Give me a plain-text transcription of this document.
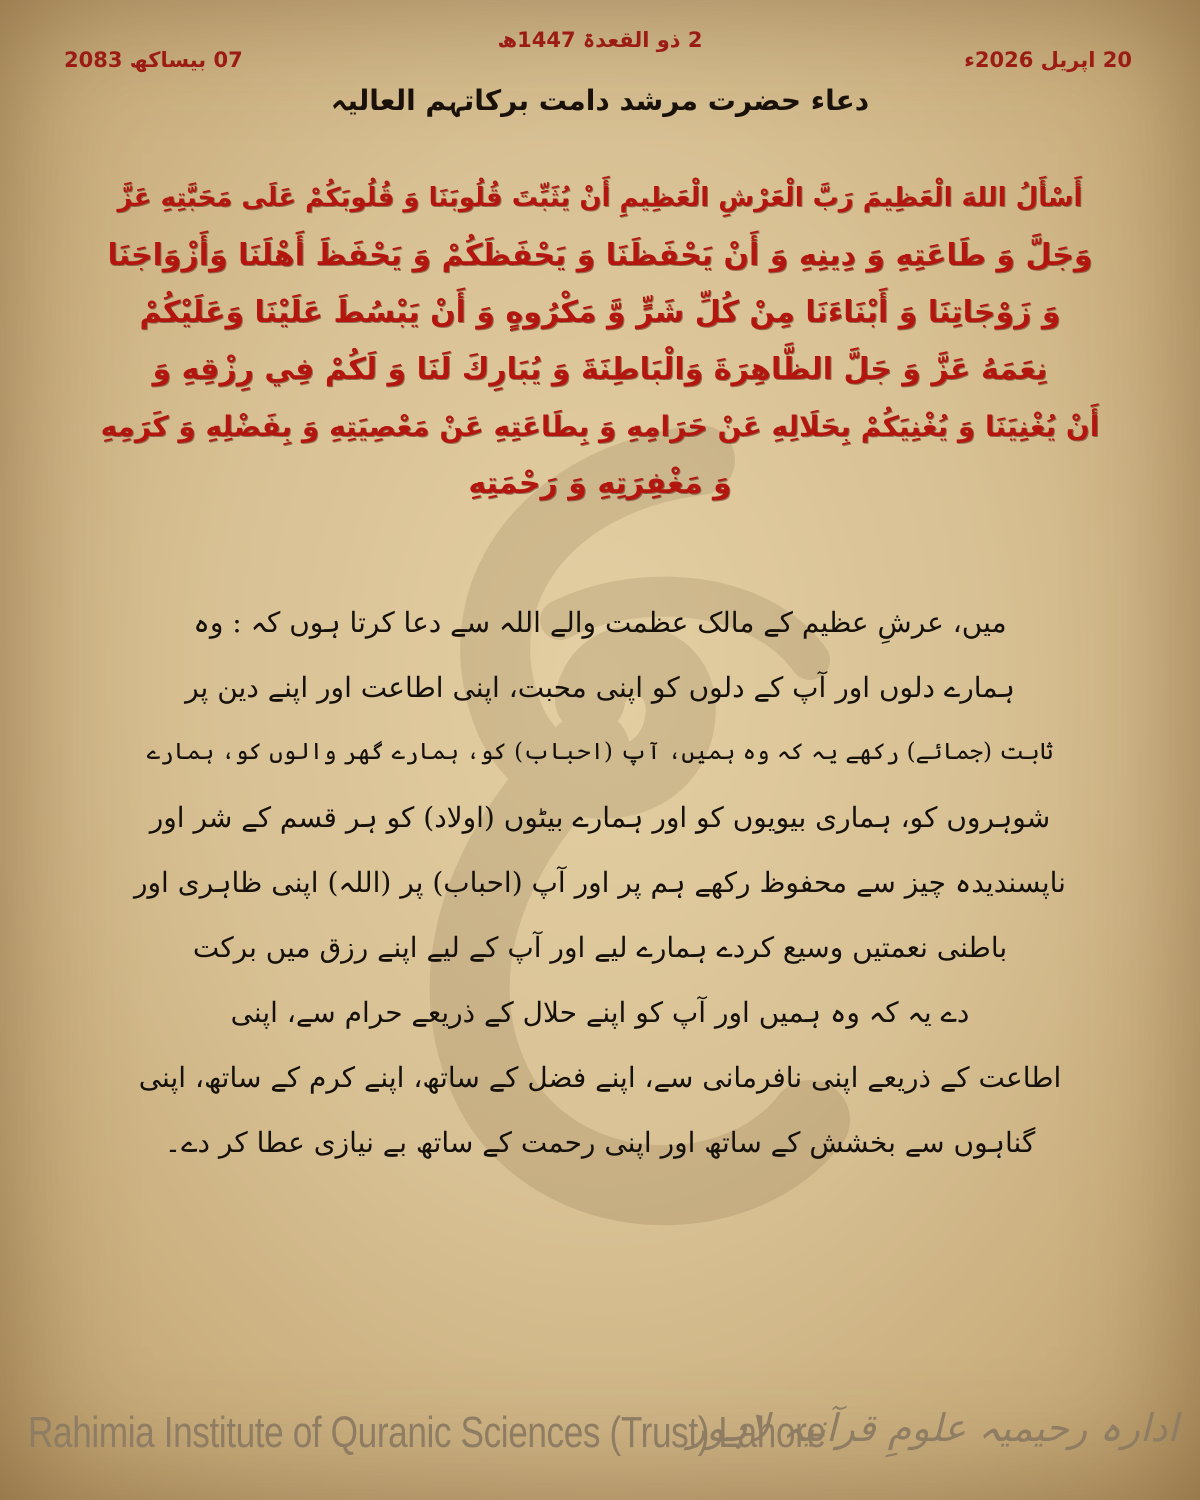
2 ذو القعدۃ 1447ھ
20 اپریل 2026ء
07 بیساکھ 2083
دعاء حضرت مرشد دامت برکاتہم العالیہ
أَسْأَلُ اللهَ الْعَظِيمَ رَبَّ الْعَرْشِ الْعَظِيمِ أَنْ يُثَبِّتَ قُلُوبَنَا وَ قُلُوبَكُمْ عَلَى مَحَبَّتِهِ عَزَّ
وَجَلَّ وَ طَاعَتِهِ وَ دِينِهِ وَ أَنْ يَحْفَظَنَا وَ يَحْفَظَكُمْ وَ يَحْفَظَ أَهْلَنَا وَأَزْوَاجَنَا
وَ زَوْجَاتِنَا وَ أَبْنَاءَنَا مِنْ كُلِّ شَرٍّ وَّ مَكْرُوهٍ وَ أَنْ يَبْسُطَ عَلَيْنَا وَعَلَيْكُمْ
نِعَمَهُ عَزَّ وَ جَلَّ الظَّاهِرَةَ وَالْبَاطِنَةَ وَ يُبَارِكَ لَنَا وَ لَكُمْ فِي رِزْقِهِ وَ
أَنْ يُغْنِيَنَا وَ يُغْنِيَكُمْ بِحَلَالِهِ عَنْ حَرَامِهِ وَ بِطَاعَتِهِ عَنْ مَعْصِيَتِهِ وَ بِفَضْلِهِ وَ كَرَمِهِ
وَ مَغْفِرَتِهِ وَ رَحْمَتِهِ
میں، عرشِ عظیم کے مالک عظمت والے اللہ سے دعا کرتا ہوں کہ : وہ
ہمارے دلوں اور آپ کے دلوں کو اپنی محبت، اپنی اطاعت اور اپنے دین پر
ثابت (جمائے) رکھے یہ کہ وہ ہمیں، آپ (احباب) کو، ہمارے گھر والوں کو، ہمارے
شوہروں کو، ہماری بیویوں کو اور ہمارے بیٹوں (اولاد) کو ہر قسم کے شر اور
ناپسندیدہ چیز سے محفوظ رکھے ہم پر اور آپ (احباب) پر (اللہ) اپنی ظاہری اور
باطنی نعمتیں وسیع کردے ہمارے لیے اور آپ کے لیے اپنے رزق میں برکت
دے یہ کہ وہ ہمیں اور آپ کو اپنے حلال کے ذریعے حرام سے، اپنی
اطاعت کے ذریعے اپنی نافرمانی سے، اپنے فضل کے ساتھ، اپنے کرم کے ساتھ، اپنی
گناہوں سے بخشش کے ساتھ اور اپنی رحمت کے ساتھ بے نیازی عطا کر دے۔
Rahimia Institute of Quranic Sciences (Trust) Lahore
ادارہ رحیمیہ علومِ قرآنیہ لاہور
